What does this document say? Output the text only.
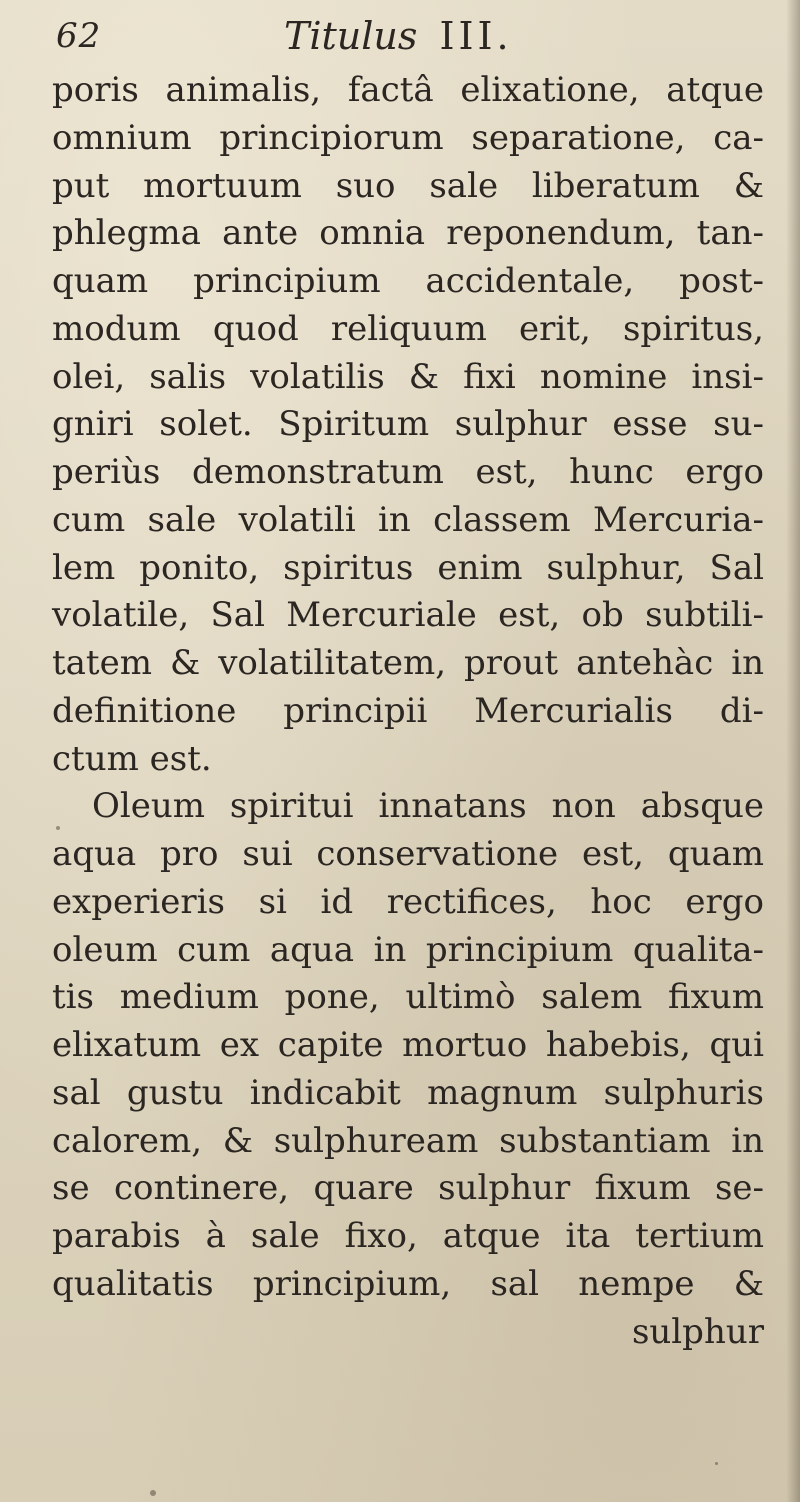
62	Titulus III.
poris animalis, factâ elixatione, atque
omnium principiorum separatione, ca-
put mortuum suo sale liberatum &
phlegma ante omnia reponendum, tan-
quam principium accidentale, post-
modum quod reliquum erit, spiritus,
olei, salis volatilis & fixi nomine insi-
gniri solet. Spiritum sulphur esse su-
periùs demonstratum est, hunc ergo
cum sale volatili in classem Mercuria-
lem ponito, spiritus enim sulphur, Sal
volatile, Sal Mercuriale est, ob subtili-
tatem & volatilitatem, prout antehàc in
definitione principii Mercurialis di-
ctum est.
Oleum spiritui innatans non absque
aqua pro sui conservatione est, quam
experieris si id rectifices, hoc ergo
oleum cum aqua in principium qualita-
tis medium pone, ultimò salem fixum
elixatum ex capite mortuo habebis, qui
sal gustu indicabit magnum sulphuris
calorem, & sulphuream substantiam in
se continere, quare sulphur fixum se-
parabis à sale fixo, atque ita tertium
qualitatis principium, sal nempe &
sulphur
